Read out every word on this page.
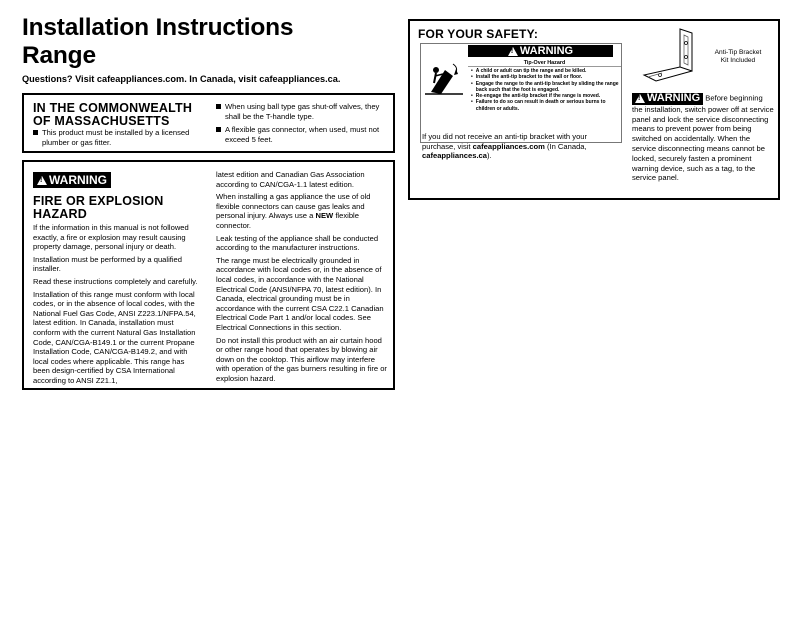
Installation Instructions
Range
Questions? Visit cafeappliances.com. In Canada, visit cafeappliances.ca.
IN THE COMMONWEALTH
OF MASSACHUSETTS
This product must be installed by a licensed plumber or gas fitter.
When using ball type gas shut-off valves, they shall be the T-handle type.
A flexible gas connector, when used, must not exceed 5 feet.
!
WARNING
FIRE OR EXPLOSION
HAZARD

If the information in this manual is not followed exactly, a fire or explosion may result causing property damage, personal injury or death.

Installation must be performed by a qualified installer.

Read these instructions completely and carefully.

Installation of this range must conform with local codes, or in the absence of local codes, with the National Fuel Gas Code, ANSI Z223.1/NFPA.54, latest edition. In Canada, installation must conform with the current Natural Gas Installation Code, CAN/CGA-B149.1 or the current Propane Installation Code, CAN/CGA-B149.2, and with local codes where applicable. This range has been design-certified by CSA International according to ANSI Z21.1,

latest edition and Canadian Gas Association according to CAN/CGA-1.1 latest edition.

When installing a gas appliance the use of old flexible connectors can cause gas leaks and personal injury. Always use a NEW flexible connector.

Leak testing of the appliance shall be conducted according to the manufacturer instructions.

The range must be electrically grounded in accordance with local codes or, in the absence of local codes, in accordance with the National Electrical Code (ANSI/NFPA 70, latest edition). In Canada, electrical grounding must be in accordance with the current CSA C22.1 Canadian Electrical Code Part 1 and/or local codes. See Electrical Connections in this section.

Do not install this product with an air curtain hood or other range hood that operates by blowing air down on the cooktop. This airflow may interfere with operation of the gas burners resulting in fire or explosion hazard.

FOR YOUR SAFETY:
!
WARNING
Tip-Over Hazard
• A child or adult can tip the range and be killed.
• Install the anti-tip bracket to the wall or floor.
• Engage the range to the anti-tip bracket by sliding the range back such that the foot is engaged.
• Re-engage the anti-tip bracket if the range is moved.
• Failure to do so can result in death or serious burns to children or adults.
Anti-Tip Bracket
Kit Included
If you did not receive an anti-tip bracket with your purchase, visit cafeappliances.com (In Canada, cafeappliances.ca).
!
WARNING Before beginning the installation, switch power off at service panel and lock the service disconnecting means to prevent power from being switched on accidentally. When the service disconnecting means cannot be locked, securely fasten a prominent warning device, such as a tag, to the service panel.
